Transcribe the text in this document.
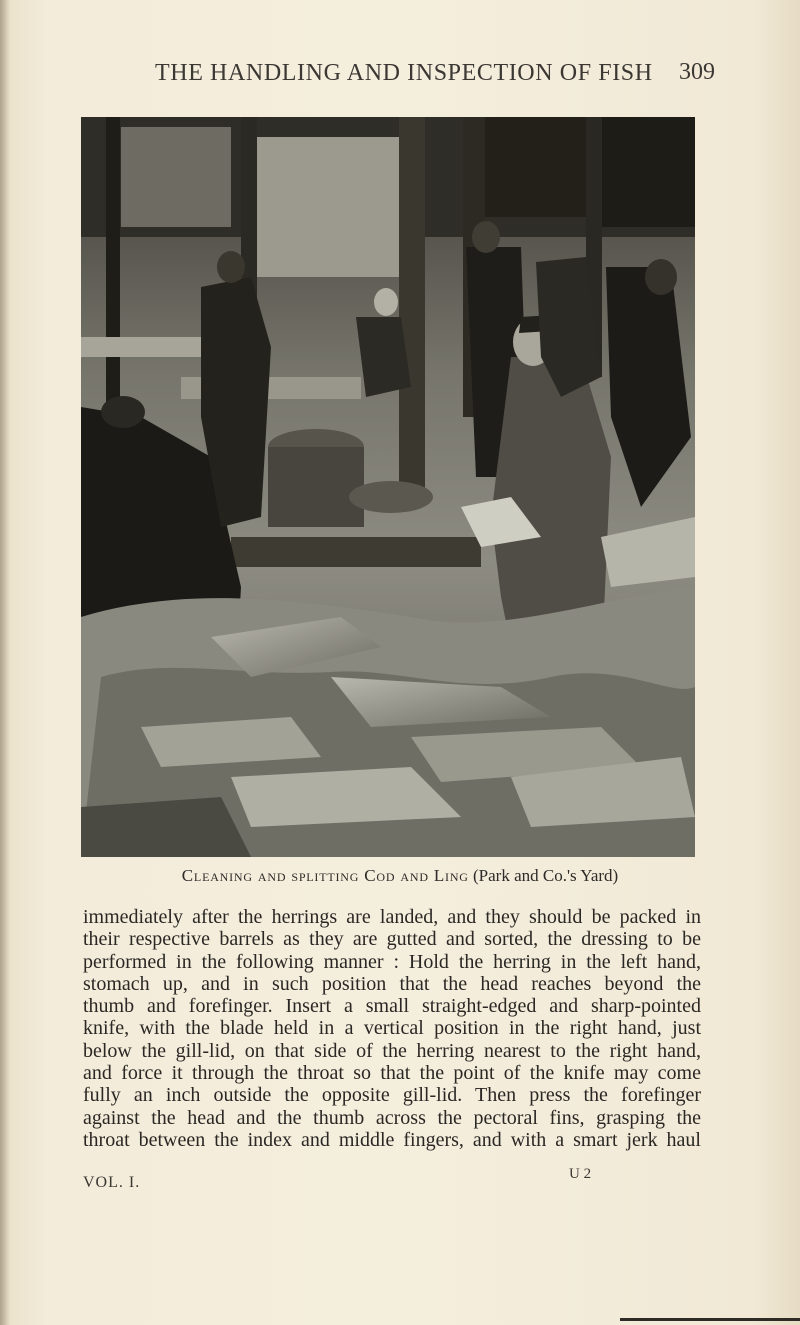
THE HANDLING AND INSPECTION OF FISH 309
Cleaning and splitting Cod and Ling (Park and Co.'s Yard)
immediately after the herrings are landed, and they should be packed in
their respective barrels as they are gutted and sorted, the dressing to be
performed in the following manner : Hold the herring in the left hand,
stomach up, and in such position that the head reaches beyond the
thumb and forefinger. Insert a small straight-edged and sharp-pointed
knife, with the blade held in a vertical position in the right hand, just
below the gill-lid, on that side of the herring nearest to the right hand,
and force it through the throat so that the point of the knife may come
fully an inch outside the opposite gill-lid. Then press the forefinger
against the head and the thumb across the pectoral fins, grasping the
throat between the index and middle fingers, and with a smart jerk haul
VOL. I.	U 2
